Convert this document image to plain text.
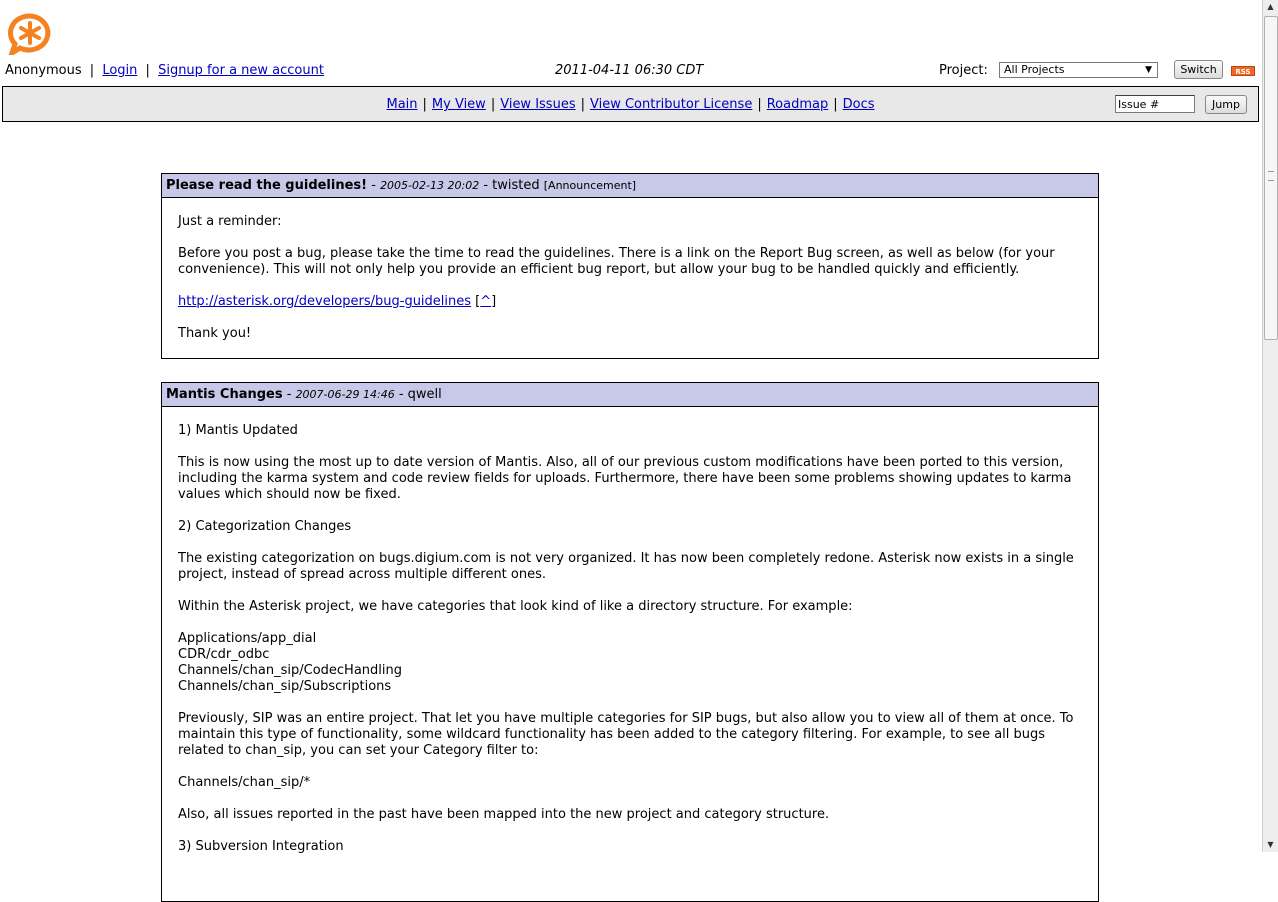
Anonymous | Login | Signup for a new account	2011-04-11 06:30 CDT	Project:	All Projects	▼	Switch	RSS
Main | My View | View Issues | View Contributor License | Roadmap | Docs
Issue #	Jump
Please read the guidelines! - 2005-02-13 20:02 - twisted [Announcement]

Just a reminder:

Before you post a bug, please take the time to read the guidelines. There is a link on the Report Bug screen, as well as below (for your convenience). This will not only help you provide an efficient bug report, but allow your bug to be handled quickly and efficiently.

http://asterisk.org/developers/bug-guidelines [^]

Thank you!

Mantis Changes - 2007-06-29 14:46 - qwell

1) Mantis Updated

This is now using the most up to date version of Mantis. Also, all of our previous custom modifications have been ported to this version, including the karma system and code review fields for uploads. Furthermore, there have been some problems showing updates to karma values which should now be fixed.

2) Categorization Changes

The existing categorization on bugs.digium.com is not very organized. It has now been completely redone. Asterisk now exists in a single project, instead of spread across multiple different ones.

Within the Asterisk project, we have categories that look kind of like a directory structure. For example:

Applications/app_dial
CDR/cdr_odbc
Channels/chan_sip/CodecHandling
Channels/chan_sip/Subscriptions

Previously, SIP was an entire project. That let you have multiple categories for SIP bugs, but also allow you to view all of them at once. To maintain this type of functionality, some wildcard functionality has been added to the category filtering. For example, to see all bugs related to chan_sip, you can set your Category filter to:

Channels/chan_sip/*

Also, all issues reported in the past have been mapped into the new project and category structure.

3) Subversion Integration

▲
▼
